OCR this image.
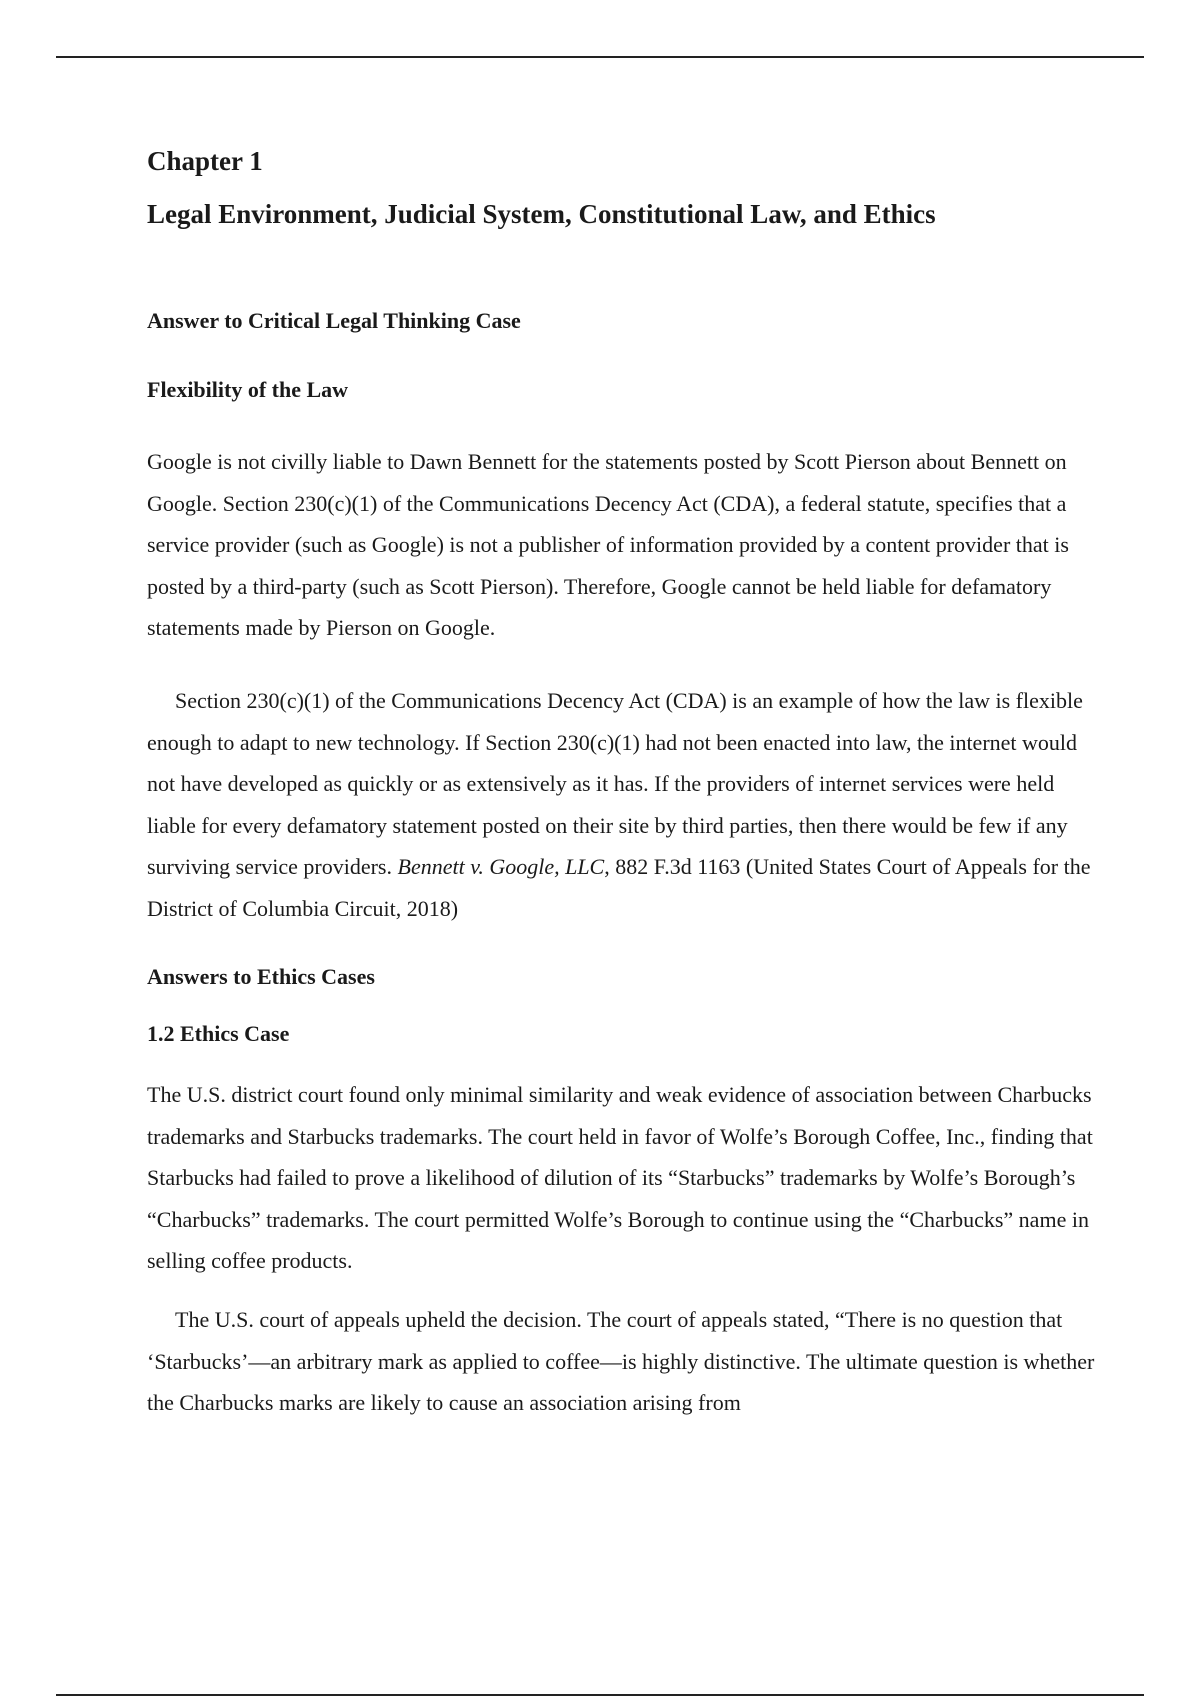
Chapter 1
Legal Environment, Judicial System, Constitutional Law, and Ethics
Answer to Critical Legal Thinking Case
Flexibility of the Law

Google is not civilly liable to Dawn Bennett for the statements posted by Scott Pierson about Bennett on Google. Section 230(c)(1) of the Communications Decency Act (CDA), a federal statute, specifies that a service provider (such as Google) is not a publisher of information provided by a content provider that is posted by a third-party (such as Scott Pierson). Therefore, Google cannot be held liable for defamatory statements made by Pierson on Google.

Section 230(c)(1) of the Communications Decency Act (CDA) is an example of how the law is flexible enough to adapt to new technology. If Section 230(c)(1) had not been enacted into law, the internet would not have developed as quickly or as extensively as it has. If the providers of internet services were held liable for every defamatory statement posted on their site by third parties, then there would be few if any surviving service providers. Bennett v. Google, LLC, 882 F.3d 1163 (United States Court of Appeals for the District of Columbia Circuit, 2018)

Answers to Ethics Cases
1.2 Ethics Case

The U.S. district court found only minimal similarity and weak evidence of association between Charbucks trademarks and Starbucks trademarks. The court held in favor of Wolfe’s Borough Coffee, Inc., finding that Starbucks had failed to prove a likelihood of dilution of its “Starbucks” trademarks by Wolfe’s Borough’s “Charbucks” trademarks. The court permitted Wolfe’s Borough to continue using the “Charbucks” name in selling coffee products.

The U.S. court of appeals upheld the decision. The court of appeals stated, “There is no question that ‘Starbucks’—an arbitrary mark as applied to coffee—is highly distinctive. The ultimate question is whether the Charbucks marks are likely to cause an association arising from
